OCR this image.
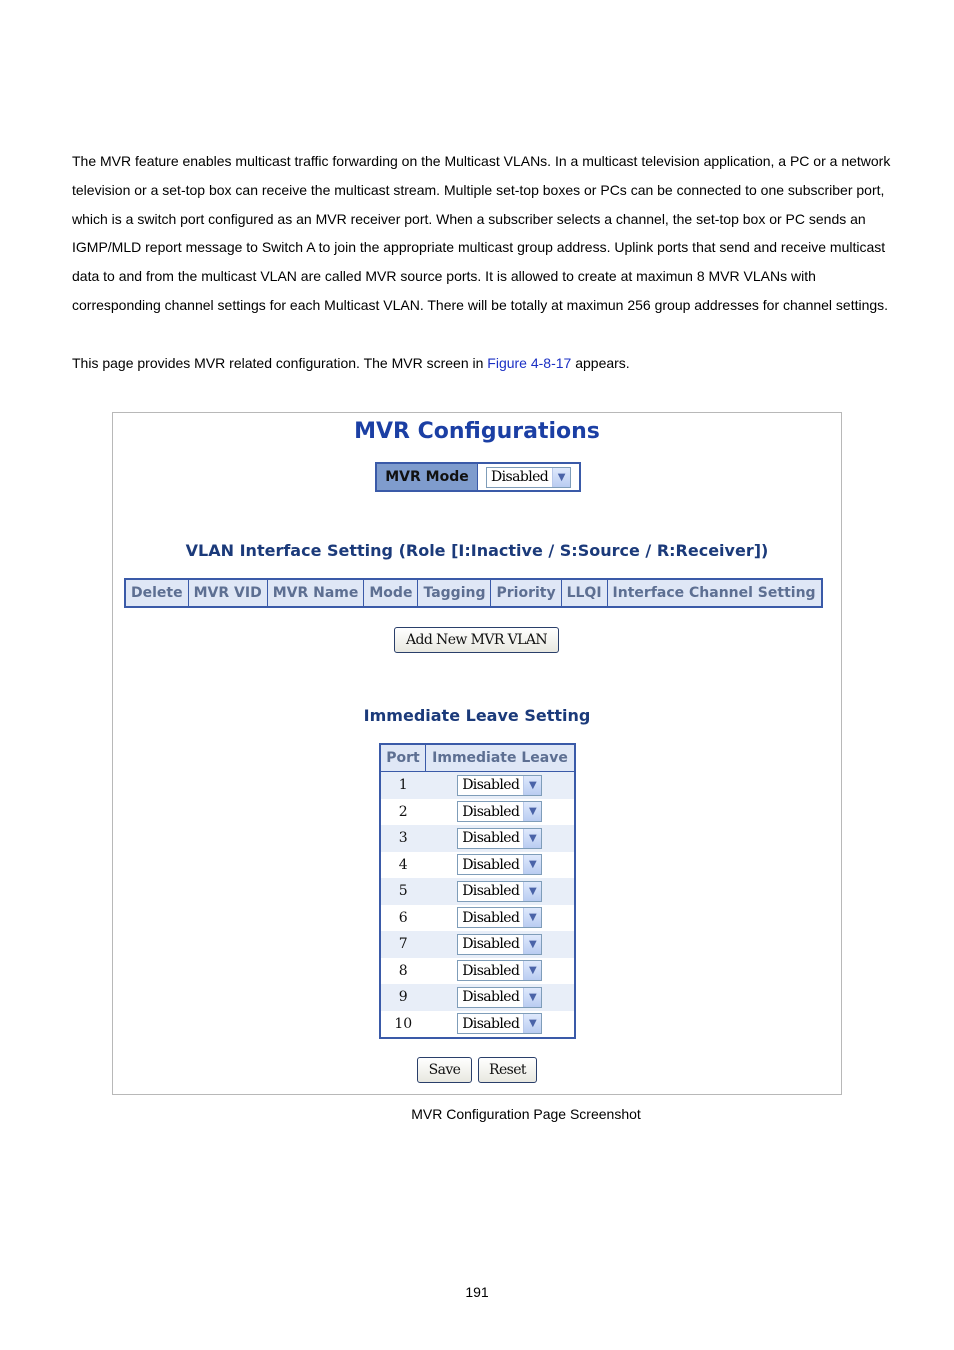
The MVR feature enables multicast traffic forwarding on the Multicast VLANs. In a multicast television application, a PC or a network television or a set-top box can receive the multicast stream. Multiple set-top boxes or PCs can be connected to one subscriber port, which is a switch port configured as an MVR receiver port. When a subscriber selects a channel, the set-top box or PC sends an IGMP/MLD report message to Switch A to join the appropriate multicast group address. Uplink ports that send and receive multicast data to and from the multicast VLAN are called MVR source ports. It is allowed to create at maximun 8 MVR VLANs with corresponding channel settings for each Multicast VLAN. There will be totally at maximun 256 group addresses for channel settings.

This page provides MVR related configuration. The MVR screen in Figure 4-8-17 appears.

MVR Configurations
MVR Mode	Disabled ▼
VLAN Interface Setting (Role [I:Inactive / S:Source / R:Receiver])
Delete	MVR VID	MVR Name	Mode	Tagging	Priority	LLQI	Interface Channel Setting
Add New MVR VLAN
Immediate Leave Setting
Port	Immediate Leave
1	Disabled ▼

2	Disabled ▼

3	Disabled ▼

4	Disabled ▼

5	Disabled ▼

6	Disabled ▼

7	Disabled ▼

8	Disabled ▼

9	Disabled ▼

10	Disabled ▼
Save	Reset
MVR Configuration Page Screenshot
191
